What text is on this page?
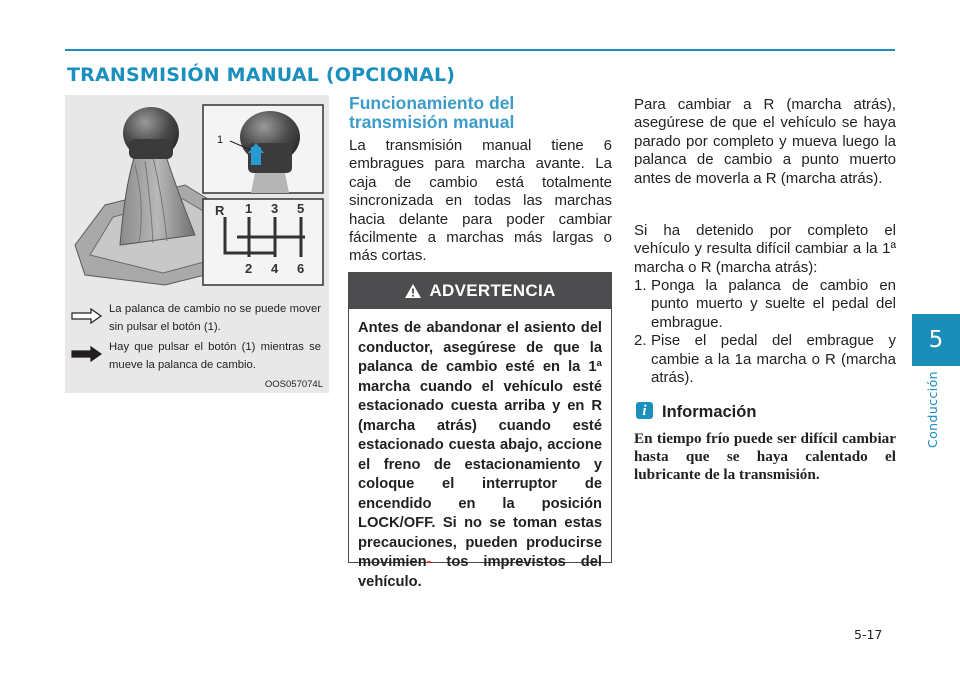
TRANSMISIÓN MANUAL (OPCIONAL)
1
R 1 3 5
2 4 6
La palanca de cambio no se puede mover sin pulsar el botón (1).
Hay que pulsar el botón (1) mientras se mueve la palanca de cambio.
OOS057074L
Funcionamiento del transmisión manual

La transmisión manual tiene 6 embragues para marcha avante. La caja de cambio está totalmente sincronizada en todas las marchas hacia delante para poder cambiar fácilmente a marchas más largas o más cortas.

ADVERTENCIA
Antes de abandonar el asiento del conductor, asegúrese de que la palanca de cambio esté en la 1ª marcha cuando el vehículo esté estacionado cuesta arriba y en R (marcha atrás) cuando esté estacionado cuesta abajo, accione el freno de estacionamiento y coloque el interruptor de encendido en la posición LOCK/OFF. Si no se toman estas precauciones, pueden producirse movimien- tos imprevistos del vehículo.

Para cambiar a R (marcha atrás), asegúrese de que el vehículo se haya parado por completo y mueva luego la palanca de cambio a punto muerto antes de moverla a R (marcha atrás).

Si ha detenido por completo el vehículo y resulta difícil cambiar a la 1ª marcha o R (marcha atrás):

1. Ponga la palanca de cambio en punto muerto y suelte el pedal del embrague.
2. Pise el pedal del embrague y cambie a la 1a marcha o R (marcha atrás).
i Información

En tiempo frío puede ser difícil cambiar hasta que se haya calentado el lubricante de la transmisión.

5
Conducción
5-17
